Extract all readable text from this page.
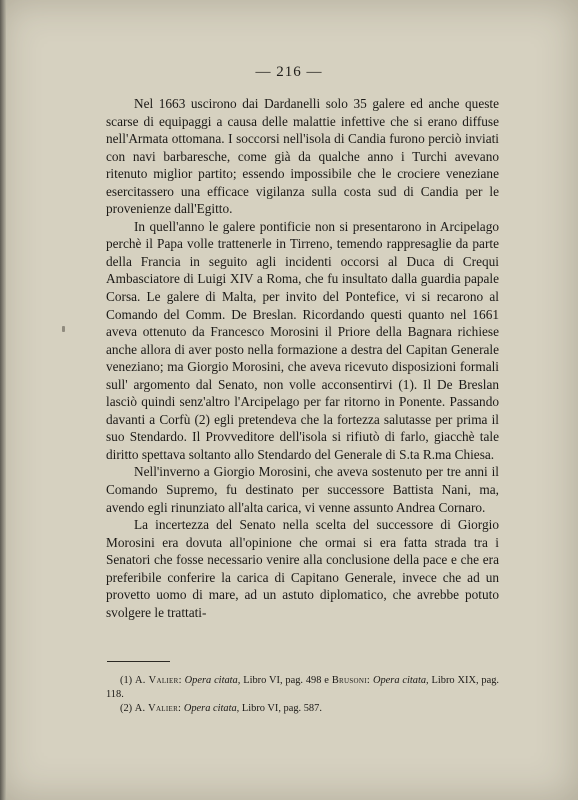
— 216 —

Nel 1663 uscirono dai Dardanelli solo 35 galere ed anche queste scarse di equipaggi a causa delle malattie infettive che si erano diffuse nell'Armata ottomana. I soccorsi nell'isola di Candia furono perciò inviati con navi barbaresche, come già da qualche anno i Turchi avevano ritenuto miglior partito; essendo impossibile che le crociere veneziane esercitassero una efficace vigilanza sulla costa sud di Candia per le provenienze dall'Egitto.

In quell'anno le galere pontificie non si presentarono in Arcipelago perchè il Papa volle trattenerle in Tirreno, temendo rappresaglie da parte della Francia in seguito agli incidenti occorsi al Duca di Crequi Ambasciatore di Luigi XIV a Roma, che fu insultato dalla guardia papale Corsa. Le galere di Malta, per invito del Pontefice, vi si recarono al Comando del Comm. De Breslan. Ricordando questi quanto nel 1661 aveva ottenuto da Francesco Morosini il Priore della Bagnara richiese anche allora di aver posto nella formazione a destra del Capitan Generale veneziano; ma Giorgio Morosini, che aveva ricevuto disposizioni formali sull' argomento dal Senato, non volle acconsentirvi (1). Il De Breslan lasciò quindi senz'altro l'Arcipelago per far ritorno in Ponente. Passando davanti a Corfù (2) egli pretendeva che la fortezza salutasse per prima il suo Stendardo. Il Provveditore dell'isola si rifiutò di farlo, giacchè tale diritto spettava soltanto allo Stendardo del Generale di S.ta R.ma Chiesa.

Nell'inverno a Giorgio Morosini, che aveva sostenuto per tre anni il Comando Supremo, fu destinato per successore Battista Nani, ma, avendo egli rinunziato all'alta carica, vi venne assunto Andrea Cornaro.

La incertezza del Senato nella scelta del successore di Giorgio Morosini era dovuta all'opinione che ormai si era fatta strada tra i Senatori che fosse necessario venire alla conclusione della pace e che era preferibile conferire la carica di Capitano Generale, invece che ad un provetto uomo di mare, ad un astuto diplomatico, che avrebbe potuto svolgere le trattati-

(1) A. Valier: Opera citata, Libro VI, pag. 498 e Brusoni: Opera citata, Libro XIX, pag. 118.

(2) A. Valier: Opera citata, Libro VI, pag. 587.
